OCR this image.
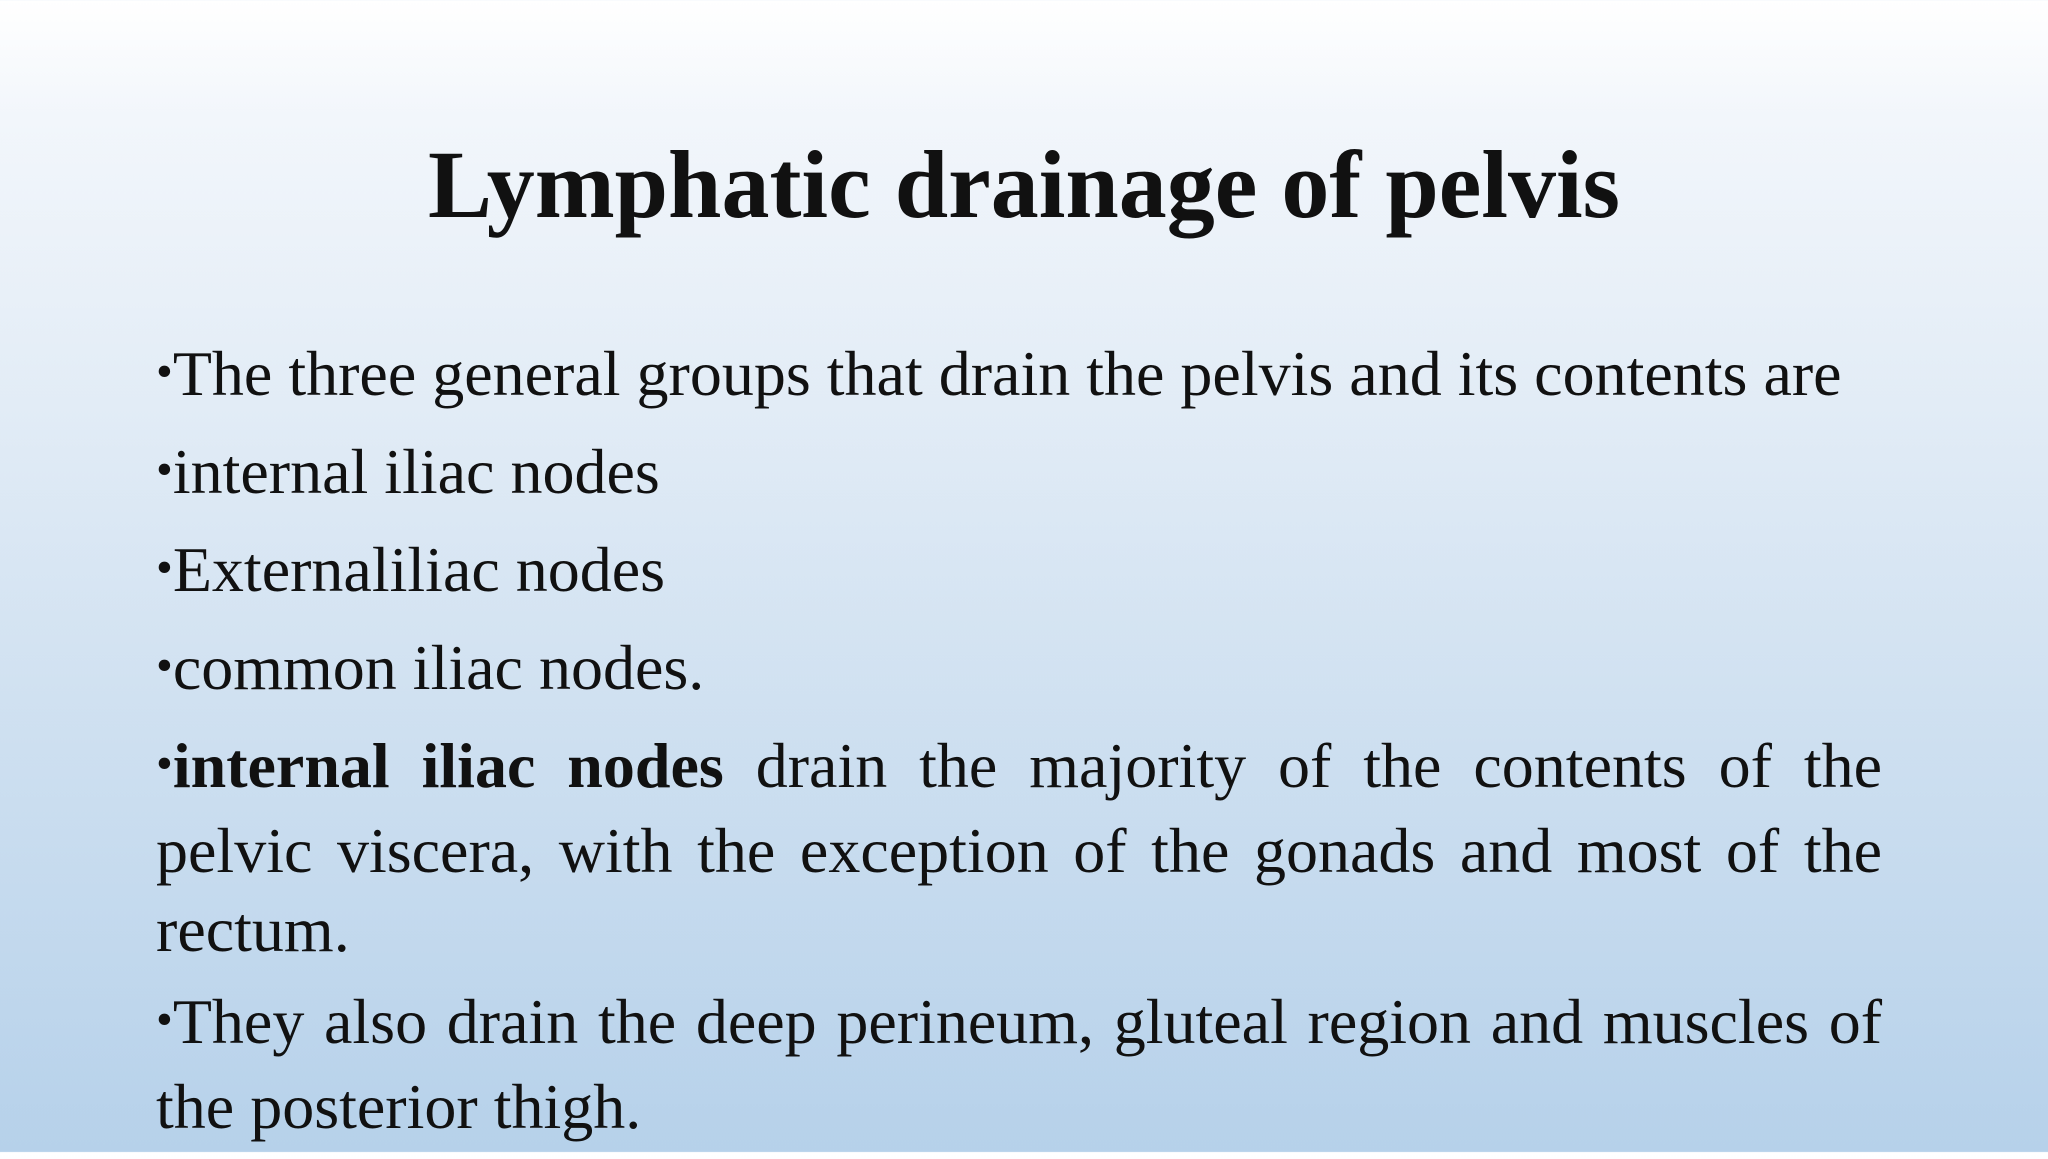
Lymphatic drainage of pelvis
•The three general groups that drain the pelvis and its contents are
•internal iliac nodes
•Externaliliac nodes
•common iliac nodes.
•internal iliac nodes drain the majority of the contents of the pelvic viscera, with the exception of the gonads and most of the rectum.
•They also drain the deep perineum, gluteal region and muscles of the posterior thigh.
